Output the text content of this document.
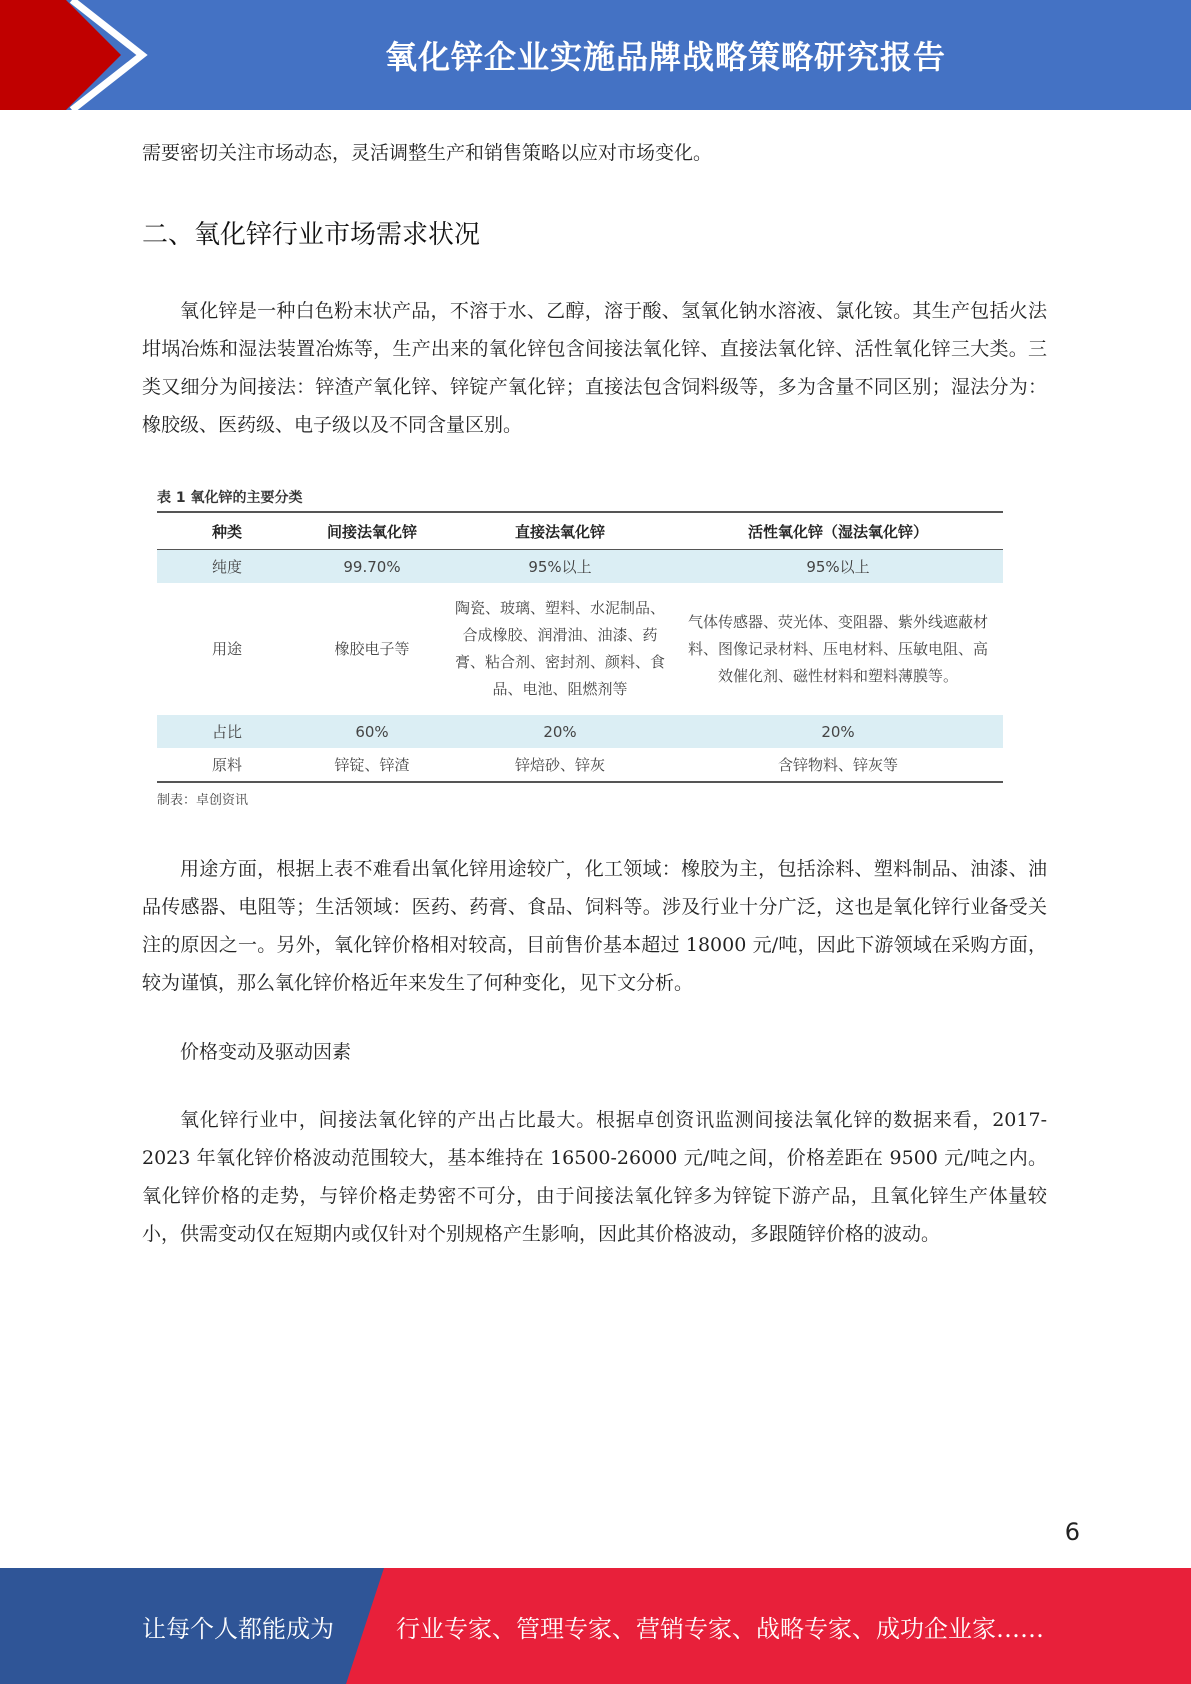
氧化锌企业实施品牌战略策略研究报告
需要密切关注市场动态，灵活调整生产和销售策略以应对市场变化。
二、氧化锌行业市场需求状况
氧化锌是一种白色粉末状产品，不溶于水、乙醇，溶于酸、氢氧化钠水溶液、氯化铵。其生产包括火法坩埚冶炼和湿法装置冶炼等，生产出来的氧化锌包含间接法氧化锌、直接法氧化锌、活性氧化锌三大类。三类又细分为间接法：锌渣产氧化锌、锌锭产氧化锌；直接法包含饲料级等，多为含量不同区别；湿法分为：橡胶级、医药级、电子级以及不同含量区别。
表 1 氧化锌的主要分类
种类	间接法氧化锌	直接法氧化锌	活性氧化锌（湿法氧化锌）
纯度	99.70%	95%以上	95%以上
用途	橡胶电子等	陶瓷、玻璃、塑料、水泥制品、合成橡胶、润滑油、油漆、药膏、粘合剂、密封剂、颜料、食品、电池、阻燃剂等	气体传感器、荧光体、变阻器、紫外线遮蔽材料、图像记录材料、压电材料、压敏电阻、高效催化剂、磁性材料和塑料薄膜等。
占比	60%	20%	20%
原料	锌锭、锌渣	锌焙砂、锌灰	含锌物料、锌灰等
制表：卓创资讯
用途方面，根据上表不难看出氧化锌用途较广，化工领域：橡胶为主，包括涂料、塑料制品、油漆、油品传感器、电阻等；生活领域：医药、药膏、食品、饲料等。涉及行业十分广泛，这也是氧化锌行业备受关注的原因之一。另外，氧化锌价格相对较高，目前售价基本超过 18000 元/吨，因此下游领域在采购方面，较为谨慎，那么氧化锌价格近年来发生了何种变化，见下文分析。
价格变动及驱动因素
氧化锌行业中，间接法氧化锌的产出占比最大。根据卓创资讯监测间接法氧化锌的数据来看，2017-2023 年氧化锌价格波动范围较大，基本维持在 16500-26000 元/吨之间，价格差距在 9500 元/吨之内。氧化锌价格的走势，与锌价格走势密不可分，由于间接法氧化锌多为锌锭下游产品，且氧化锌生产体量较小，供需变动仅在短期内或仅针对个别规格产生影响，因此其价格波动，多跟随锌价格的波动。
6
让每个人都能成为	行业专家、管理专家、营销专家、战略专家、成功企业家……
